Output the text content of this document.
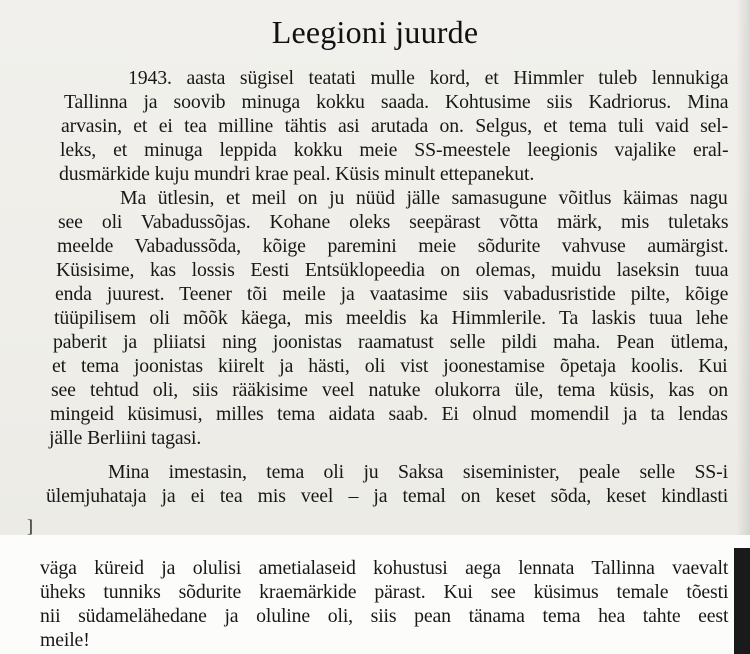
Leegioni juurde
1943. aasta sügisel teatati mulle kord, et Himmler tuleb lennukiga
Tallinna ja soovib minuga kokku saada. Kohtusime siis Kadriorus. Mina
arvasin, et ei tea milline tähtis asi arutada on. Selgus, et tema tuli vaid sel-
leks, et minuga leppida kokku meie SS-meestele leegionis vajalike eral-
dusmärkide kuju mundri krae peal. Küsis minult ettepanekut.
Ma ütlesin, et meil on ju nüüd jälle samasugune võitlus käimas nagu
see oli Vabadussõjas. Kohane oleks seepärast võtta märk, mis tuletaks
meelde Vabadussõda, kõige paremini meie sõdurite vahvuse aumärgist.
Küsisime, kas lossis Eesti Entsüklopeedia on olemas, muidu laseksin tuua
enda juurest. Teener tõi meile ja vaatasime siis vabadusristide pilte, kõige
tüüpilisem oli mõõk käega, mis meeldis ka Himmlerile. Ta laskis tuua lehe
paberit ja pliiatsi ning joonistas raamatust selle pildi maha. Pean ütlema,
et tema joonistas kiirelt ja hästi, oli vist joonestamise õpetaja koolis. Kui
see tehtud oli, siis rääkisime veel natuke olukorra üle, tema küsis, kas on
mingeid küsimusi, milles tema aidata saab. Ei olnud momendil ja ta lendas
jälle Berliini tagasi.
Mina imestasin, tema oli ju Saksa siseminister, peale selle SS-i
ülemjuhataja ja ei tea mis veel – ja temal on keset sõda, keset kindlasti
väga küreid ja olulisi ametialaseid kohustusi aega lennata Tallinna vaevalt
üheks tunniks sõdurite kraemärkide pärast. Kui see küsimus temale tõesti
nii südamelähedane ja oluline oli, siis pean tänama tema hea tahte eest
meile!
]
